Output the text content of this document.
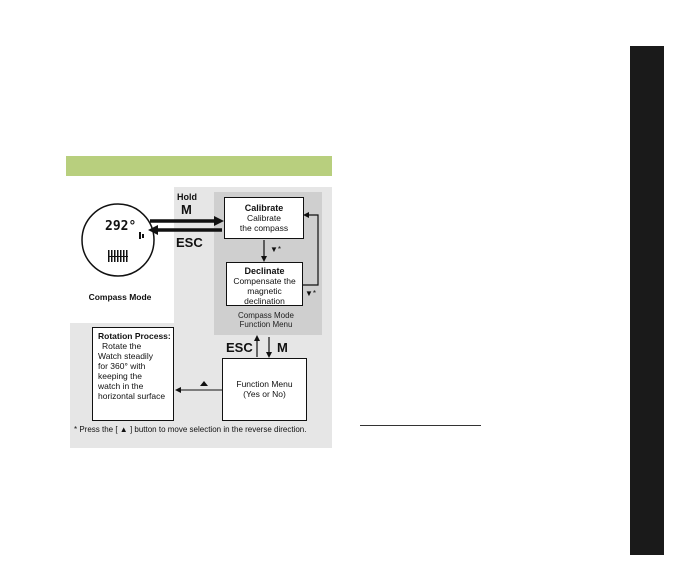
Hold
M
ESC
292°
Compass Mode
Calibrate
Calibrate
the compass
▼*
Declinate
Compensate the
magnetic
declination
▼*
Compass Mode
Function Menu
ESC M
Rotation Process:
Rotate the
Watch steadily
for 360° with
keeping the
watch in the
horizontal surface
Function Menu
(Yes or No)
* Press the [ ▲ ] button to move selection in the reverse direction.
